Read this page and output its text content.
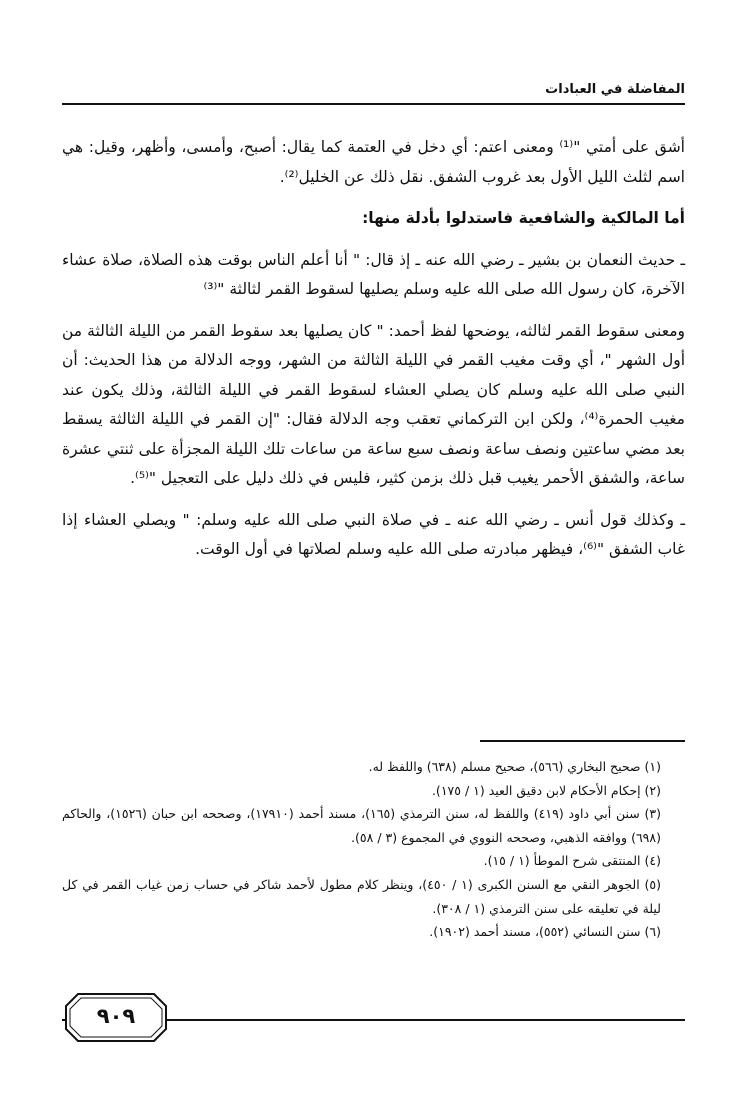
المفاضلة في العبادات

أشق على أمتي "⁽¹⁾ ومعنى اعتم: أي دخل في العتمة كما يقال: أصبح، وأمسى، وأظهر، وقيل: هي اسم لثلث الليل الأول بعد غروب الشفق. نقل ذلك عن الخليل⁽²⁾.

أما المالكية والشافعية فاستدلوا بأدلة منها:

ـ حديث النعمان بن بشير ـ رضي الله عنه ـ إذ قال: " أنا أعلم الناس بوقت هذه الصلاة، صلاة عشاء الآخرة، كان رسول الله صلى الله عليه وسلم يصليها لسقوط القمر لثالثة "⁽³⁾

ومعنى سقوط القمر لثالثه، يوضحها لفظ أحمد: " كان يصليها بعد سقوط القمر من الليلة الثالثة من أول الشهر "، أي وقت مغيب القمر في الليلة الثالثة من الشهر، ووجه الدلالة من هذا الحديث: أن النبي صلى الله عليه وسلم كان يصلي العشاء لسقوط القمر في الليلة الثالثة، وذلك يكون عند مغيب الحمرة⁽⁴⁾، ولكن ابن التركماني تعقب وجه الدلالة فقال: "إن القمر في الليلة الثالثة يسقط بعد مضي ساعتين ونصف ساعة ونصف سبع ساعة من ساعات تلك الليلة المجزأة على ثنتي عشرة ساعة، والشفق الأحمر يغيب قبل ذلك بزمن كثير، فليس في ذلك دليل على التعجيل "⁽⁵⁾.

ـ وكذلك قول أنس ـ رضي الله عنه ـ في صلاة النبي صلى الله عليه وسلم: " ويصلي العشاء إذا غاب الشفق "⁽⁶⁾، فيظهر مبادرته صلى الله عليه وسلم لصلاتها في أول الوقت.

(١) صحيح البخاري (٥٦٦)، صحيح مسلم (٦٣٨) واللفظ له.

(٢) إحكام الأحكام لابن دقيق العيد (١ / ١٧٥).

(٣) سنن أبي داود (٤١٩) واللفظ له، سنن الترمذي (١٦٥)، مسند أحمد (١٧٩١٠)، وصححه ابن حبان (١٥٢٦)، والحاكم (٦٩٨) ووافقه الذهبي، وصححه النووي في المجموع (٣ / ٥٨).

(٤) المنتقى شرح الموطأ (١ / ١٥).

(٥) الجوهر النقي مع السنن الكبرى (١ / ٤٥٠)، وينظر كلام مطول لأحمد شاكر في حساب زمن غياب القمر في كل ليلة في تعليقه على سنن الترمذي (١ / ٣٠٨).

(٦) سنن النسائي (٥٥٢)، مسند أحمد (١٩٠٢).

٩٠٩
